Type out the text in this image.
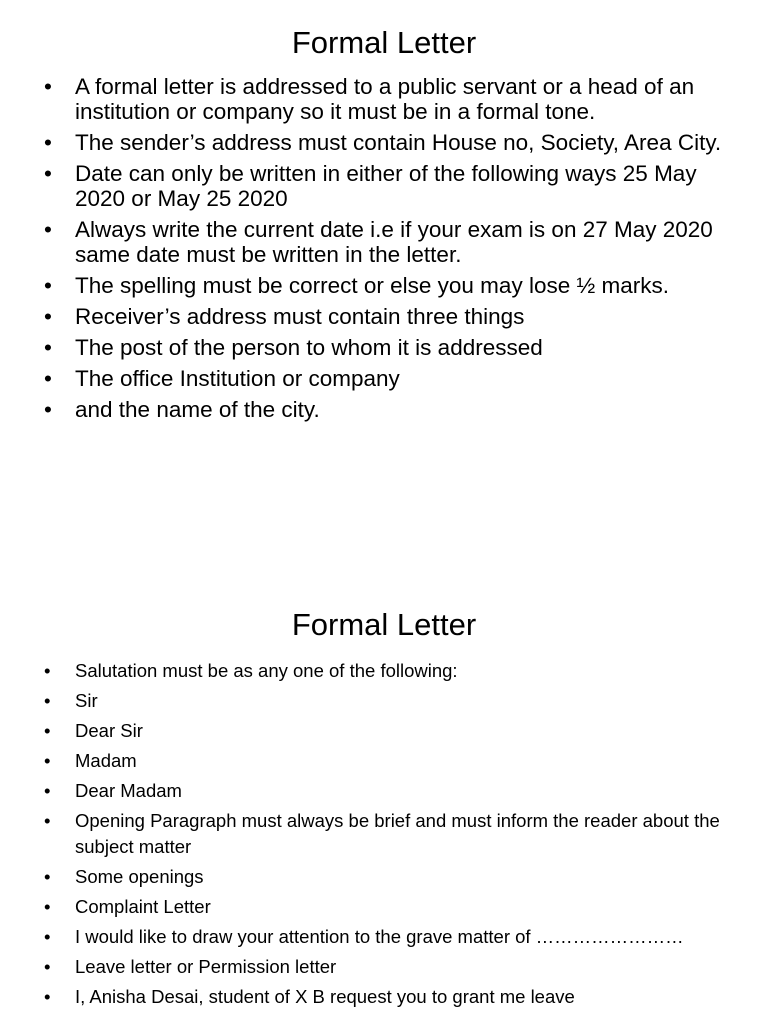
Formal Letter
• A formal letter is addressed to a public servant or a head of an institution or company so it must be in a formal tone.
• The sender’s address must contain House no, Society, Area City.
• Date can only be written in either of the following ways 25 May 2020 or May 25 2020
• Always write the current date i.e if your exam is on 27 May 2020 same date must be written in the letter.
• The spelling must be correct or else you may lose ½ marks.
• Receiver’s address must contain three things
• The post of the person to whom it is addressed
• The office Institution or company
• and the name of the city.
Formal Letter
• Salutation must be as any one of the following:
• Sir
• Dear Sir
• Madam
• Dear Madam
• Opening Paragraph must always be brief and must inform the reader about the subject matter
• Some openings
• Complaint Letter
• I would like to draw your attention to the grave matter of ……………………
• Leave letter or Permission letter
• I, Anisha Desai, student of X B request you to grant me leave
